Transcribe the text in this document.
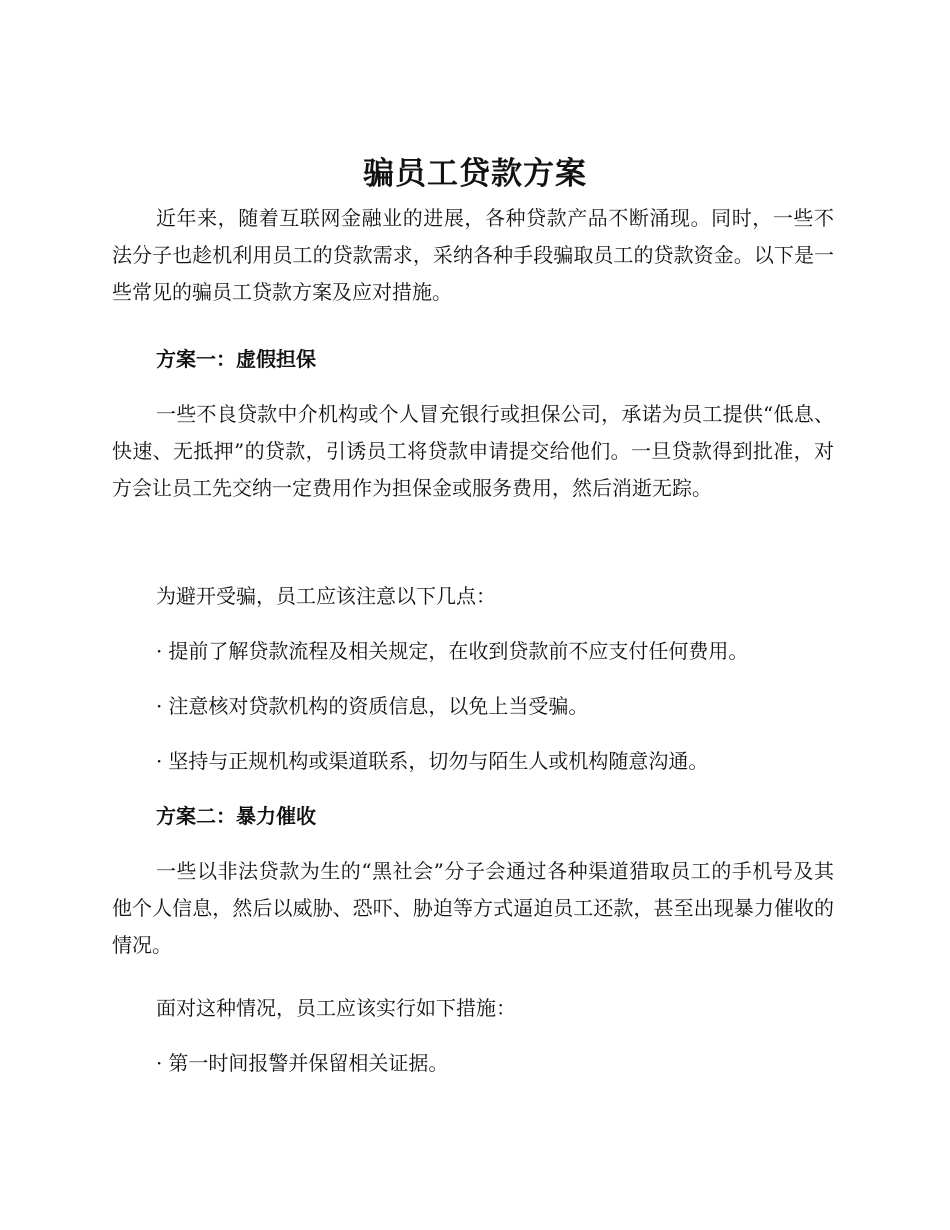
骗员工贷款方案

近年来，随着互联网金融业的进展，各种贷款产品不断涌现。同时，一些不法分子也趁机利用员工的贷款需求，采纳各种手段骗取员工的贷款资金。以下是一些常见的骗员工贷款方案及应对措施。

方案一：虚假担保

一些不良贷款中介机构或个人冒充银行或担保公司，承诺为员工提供“低息、快速、无抵押”的贷款，引诱员工将贷款申请提交给他们。一旦贷款得到批准，对方会让员工先交纳一定费用作为担保金或服务费用，然后消逝无踪。

为避开受骗，员工应该注意以下几点：
· 提前了解贷款流程及相关规定，在收到贷款前不应支付任何费用。
· 注意核对贷款机构的资质信息，以免上当受骗。
· 坚持与正规机构或渠道联系，切勿与陌生人或机构随意沟通。
方案二：暴力催收

一些以非法贷款为生的“黑社会”分子会通过各种渠道猎取员工的手机号及其他个人信息，然后以威胁、恐吓、胁迫等方式逼迫员工还款，甚至出现暴力催收的情况。

面对这种情况，员工应该实行如下措施：
· 第一时间报警并保留相关证据。
